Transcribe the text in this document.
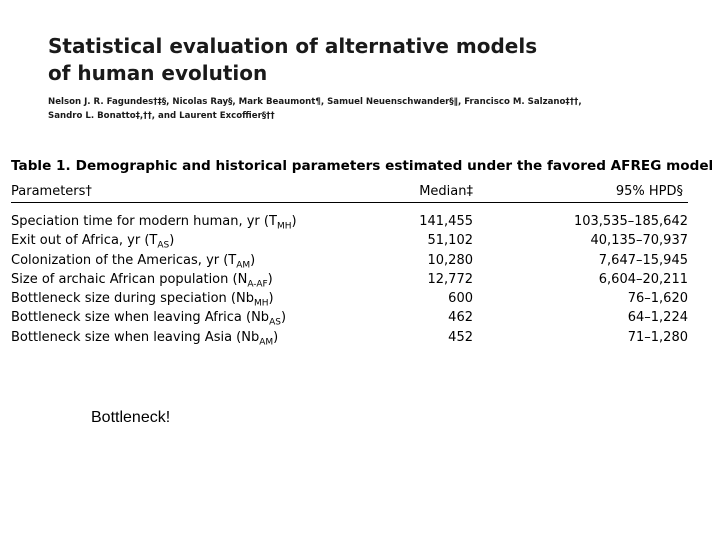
Statistical evaluation of alternative models
of human evolution
Nelson J. R. Fagundes†‡§, Nicolas Ray§, Mark Beaumont¶, Samuel Neuenschwander§∥, Francisco M. Salzano‡††,
Sandro L. Bonatto‡,††, and Laurent Excoffier§††
Table 1. Demographic and historical parameters estimated under the favored AFREG model
Parameters†	Median‡	95% HPD§
Speciation time for modern human, yr $(T_{MH})$	141,455	103,535–185,642
Exit out of Africa, yr $(T_{AS})$	51,102	40,135–70,937
Colonization of the Americas, yr $(T_{AM})$	10,280	7,647–15,945
Size of archaic African population $(N_{A-AF})$	12,772	6,604–20,211
Bottleneck size during speciation $(Nb_{MH})$	600	76–1,620
Bottleneck size when leaving Africa $(Nb_{AS})$	462	64–1,224
Bottleneck size when leaving Asia $(Nb_{AM})$	452	71–1,280
Bottleneck!
